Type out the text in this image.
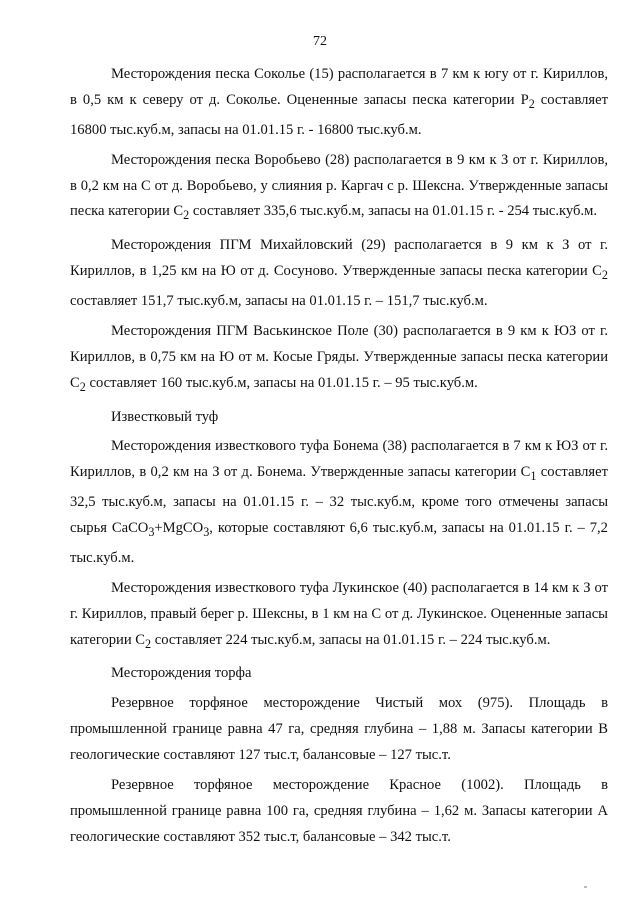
72

Месторождения песка Сокольe (15) располагается в 7 км к югу от г. Кириллов, в 0,5 км к северу от д. Соколье. Оцененные запасы песка категории $P_2$ составляет 16800 тыс.куб.м, запасы на 01.01.15 г. - 16800 тыс.куб.м.

Месторождения песка Воробьево (28) располагается в 9 км к З от г. Кириллов, в 0,2 км на С от д. Воробьево, у слияния р. Каргач с р. Шексна. Утвержденные запасы песка категории $С_2$ составляет 335,6 тыс.куб.м, запасы на 01.01.15 г. - 254 тыс.куб.м.

Месторождения ПГМ Михайловский (29) располагается в 9 км к З от г. Кириллов, в 1,25 км на Ю от д. Сосуново. Утвержденные запасы песка категории $С_2$ составляет 151,7 тыс.куб.м, запасы на 01.01.15 г. – 151,7 тыс.куб.м.

Месторождения ПГМ Васькинское Поле (30) располагается в 9 км к ЮЗ от г. Кириллов, в 0,75 км на Ю от м. Косые Гряды. Утвержденные запасы песка категории $С_2$ составляет 160 тыс.куб.м, запасы на 01.01.15 г. – 95 тыс.куб.м.

Известковый туф

Месторождения известкового туфа Бонема (38) располагается в 7 км к ЮЗ от г. Кириллов, в 0,2 км на З от д. Бонема. Утвержденные запасы категории $С_1$ составляет 32,5 тыс.куб.м, запасы на 01.01.15 г. – 32 тыс.куб.м, кроме того отмечены запасы сырья CaCO$_3$+MgCO$_3$, которые составляют 6,6 тыс.куб.м, запасы на 01.01.15 г. – 7,2 тыс.куб.м.

Месторождения известкового туфа Лукинское (40) располагается в 14 км к З от г. Кириллов, правый берег р. Шексны, в 1 км на С от д. Лукинское. Оцененные запасы категории $С_2$ составляет 224 тыс.куб.м, запасы на 01.01.15 г. – 224 тыс.куб.м.

Месторождения торфа

Резервное торфяное месторождение Чистый мох (975). Площадь в промышленной границе равна 47 га, средняя глубина – 1,88 м. Запасы категории В геологические составляют 127 тыс.т, балансовые – 127 тыс.т.

Резервное торфяное месторождение Красное (1002). Площадь в промышленной границе равна 100 га, средняя глубина – 1,62 м. Запасы категории А геологические составляют 352 тыс.т, балансовые – 342 тыс.т.
